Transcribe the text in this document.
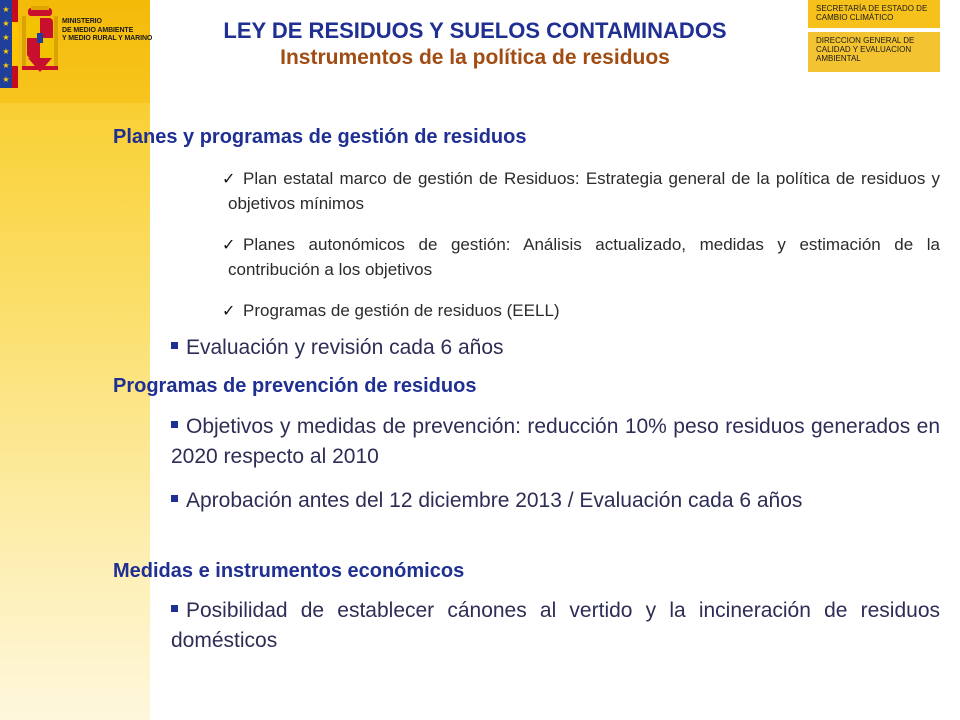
★
★
★
★
★
★
MINISTERIO
DE MEDIO AMBIENTE
Y MEDIO RURAL Y MARINO	LEY DE RESIDUOS Y SUELOS CONTAMINADOS
Instrumentos de la política de residuos
SECRETARÍA DE ESTADO DE CAMBIO CLIMÁTICO
DIRECCION GENERAL DE CALIDAD Y EVALUACION AMBIENTAL
Planes y programas de gestión de residuos
✓ Plan estatal marco de gestión de Residuos: Estrategia general de la política de residuos y objetivos mínimos
✓ Planes autonómicos de gestión: Análisis actualizado, medidas y estimación de la contribución a los objetivos
✓ Programas de gestión de residuos (EELL)
Evaluación y revisión cada 6 años
Programas de prevención de residuos
Objetivos y medidas de prevención: reducción 10% peso residuos generados en 2020 respecto al 2010
Aprobación antes del 12 diciembre 2013 / Evaluación cada 6 años
Medidas e instrumentos económicos
Posibilidad de establecer cánones al vertido y la incineración de residuos domésticos
